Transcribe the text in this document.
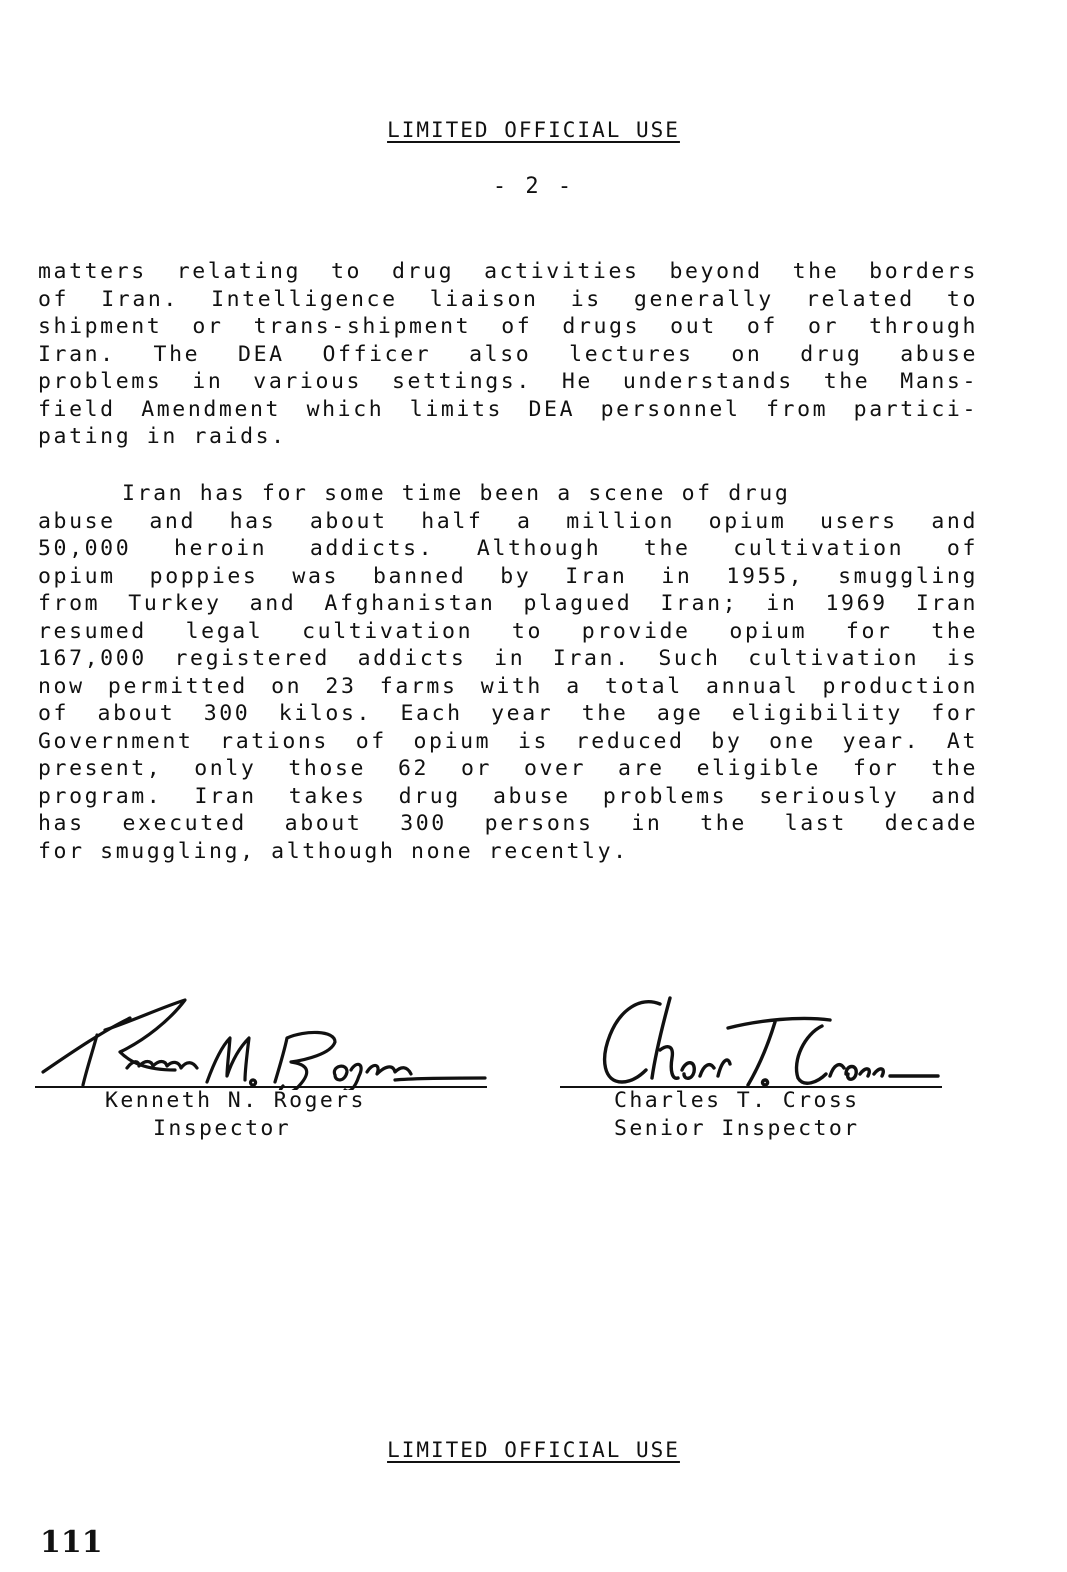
LIMITED OFFICIAL USE
- 2 -
matters relating to drug activities beyond the borders
of Iran. Intelligence liaison is generally related to
shipment or trans-shipment of drugs out of or through
Iran. The DEA Officer also lectures on drug abuse
problems in various settings. He understands the Mans-
field Amendment which limits DEA personnel from partici-
pating in raids.
Iran has for some time been a scene of drug
abuse and has about half a million opium users and
50,000 heroin addicts. Although the cultivation of
opium poppies was banned by Iran in 1955, smuggling
from Turkey and Afghanistan plagued Iran; in 1969 Iran
resumed legal cultivation to provide opium for the
167,000 registered addicts in Iran. Such cultivation is
now permitted on 23 farms with a total annual production
of about 300 kilos. Each year the age eligibility for
Government rations of opium is reduced by one year. At
present, only those 62 or over are eligible for the
program. Iran takes drug abuse problems seriously and
has executed about 300 persons in the last decade
for smuggling, although none recently.
Kenneth N. Rogers
Inspector
Charles T. Cross
Senior Inspector
LIMITED OFFICIAL USE
111
